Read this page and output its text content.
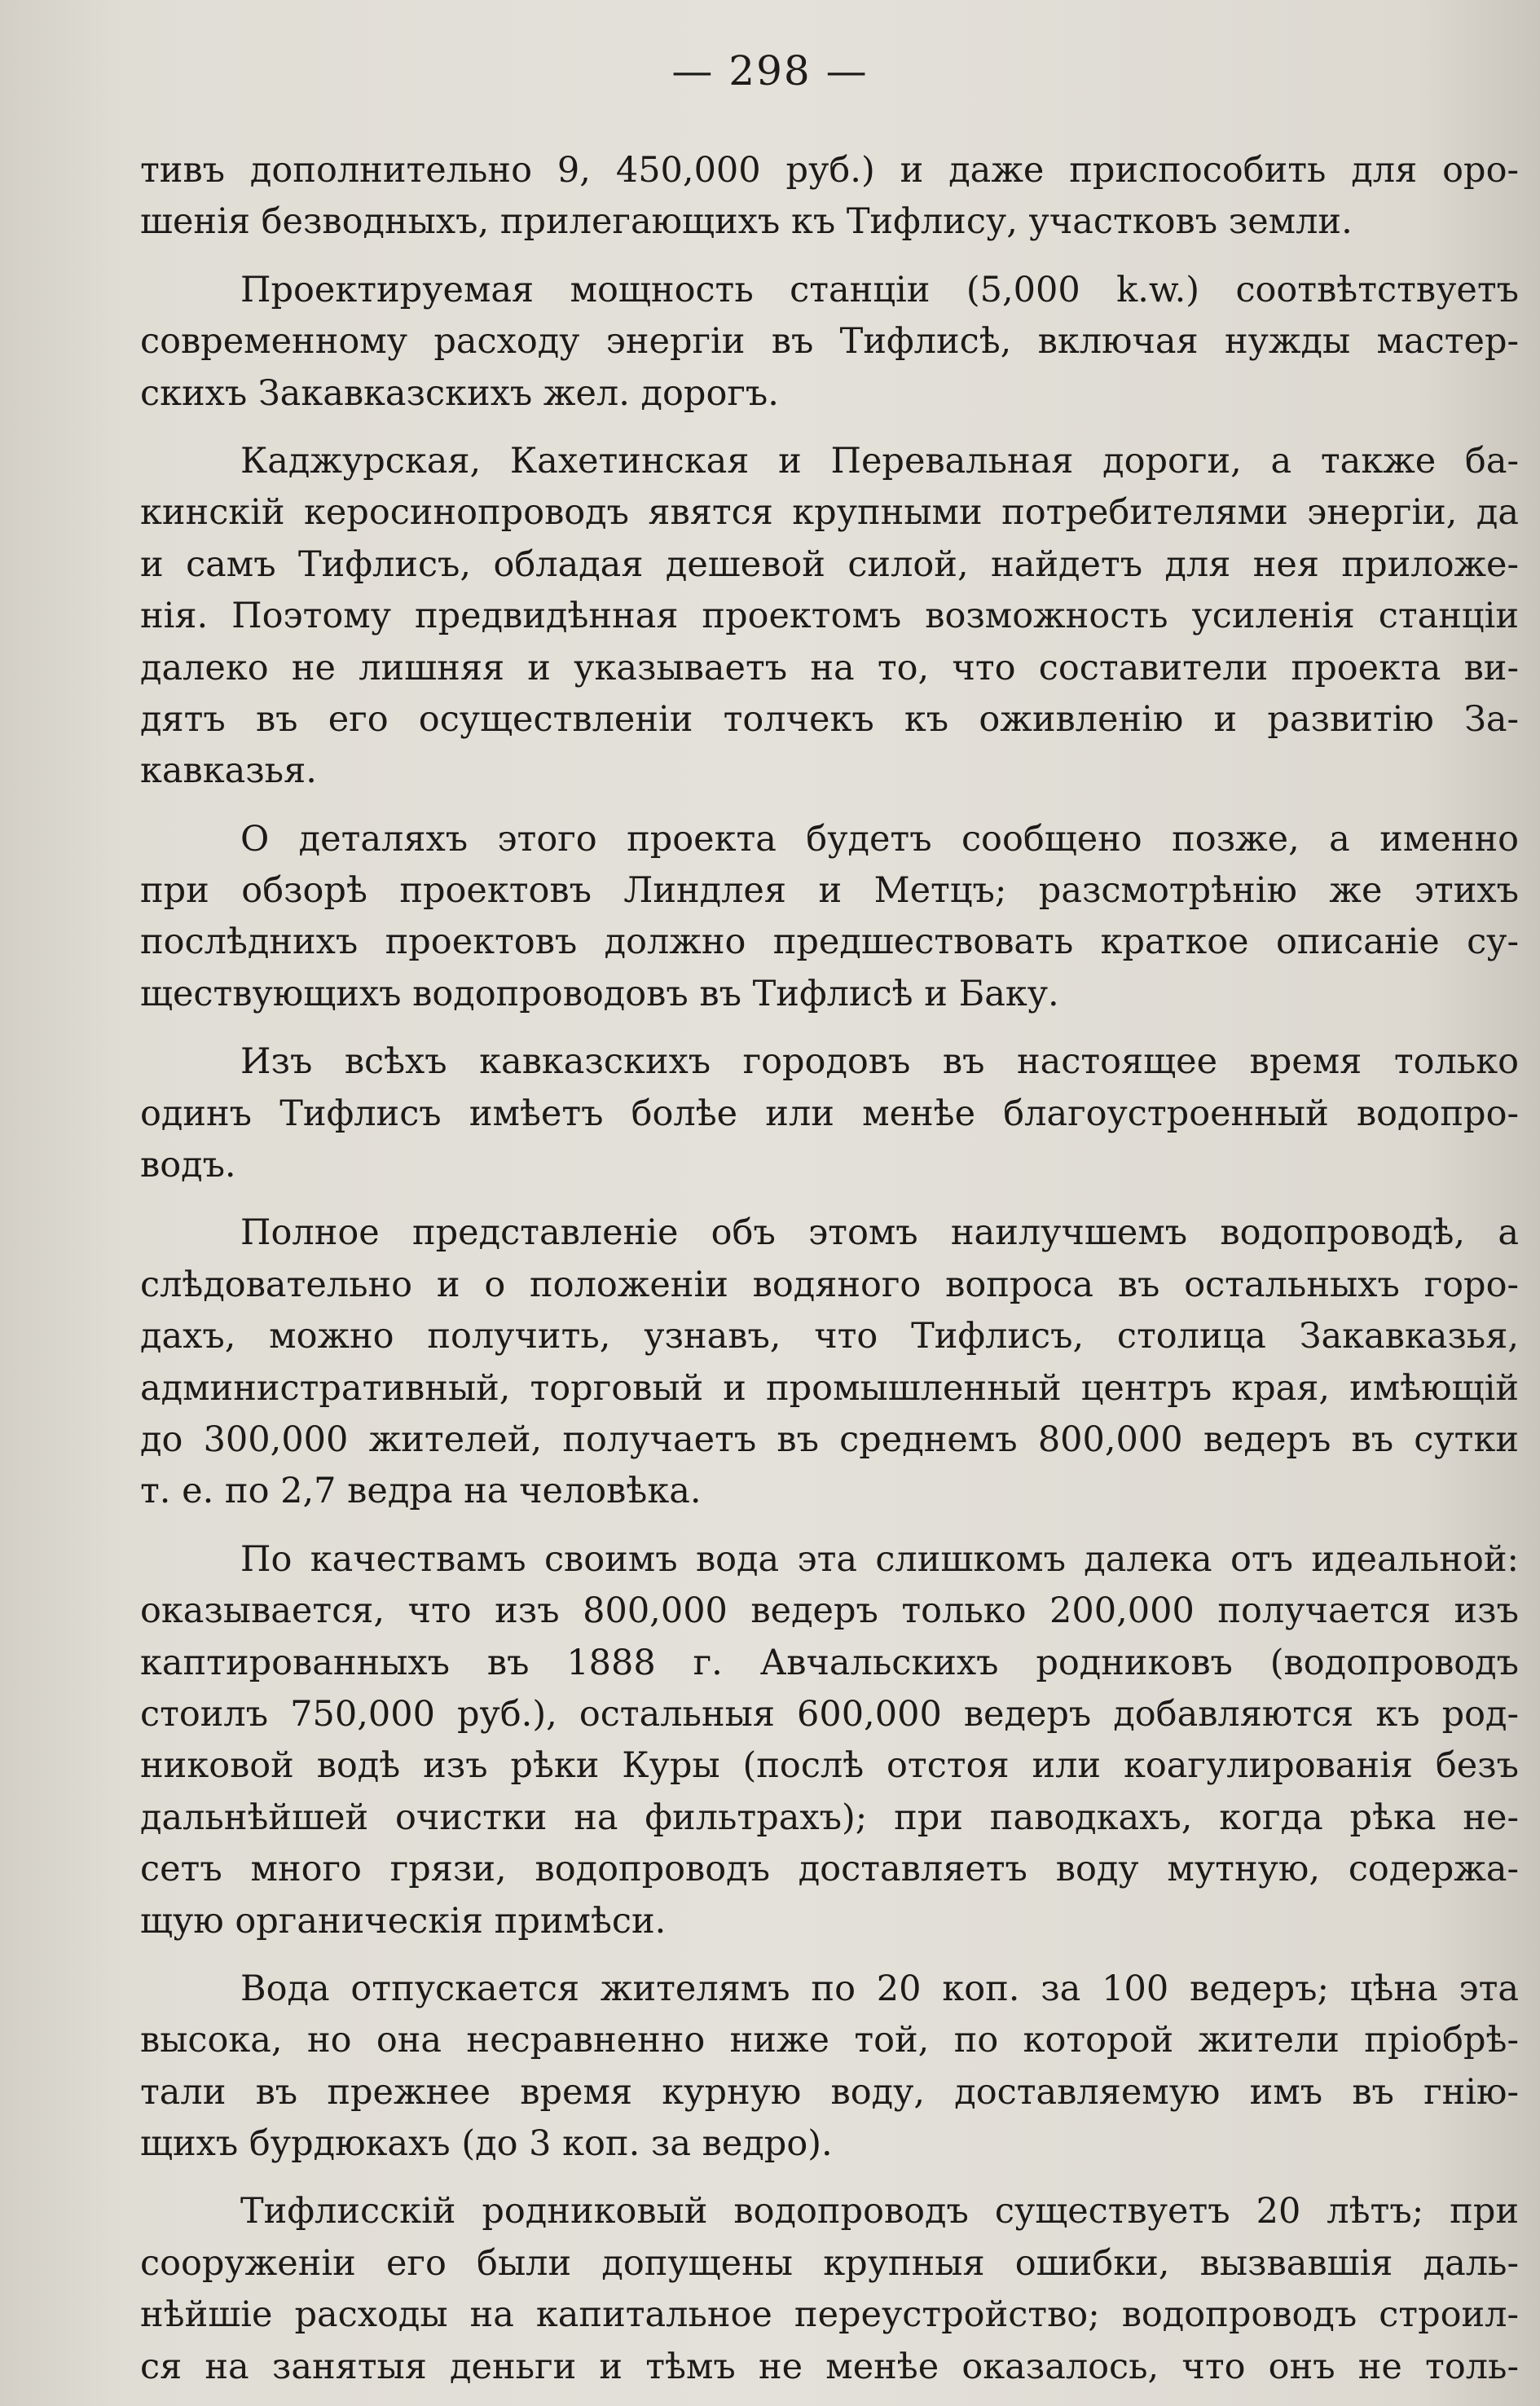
— 298 —
тивъ дополнительно 9, 450,000 руб.) и даже приспособить для оро-
шенія безводныхъ, прилегающихъ къ Тифлису, участковъ земли.
Проектируемая мощность станціи (5,000 k.w.) соотвѣтствуетъ
современному расходу энергіи въ Тифлисѣ, включая нужды мастер-
скихъ Закавказскихъ жел. дорогъ.
Каджурская, Кахетинская и Перевальная дороги, а также ба-
кинскій керосинопроводъ явятся крупными потребителями энергіи, да
и самъ Тифлисъ, обладая дешевой силой, найдетъ для нея приложе-
нія. Поэтому предвидѣнная проектомъ возможность усиленія станціи
далеко не лишняя и указываетъ на то, что составители проекта ви-
дятъ въ его осуществленіи толчекъ къ оживленію и развитію За-
кавказья.
О деталяхъ этого проекта будетъ сообщено позже, а именно
при обзорѣ проектовъ Линдлея и Метцъ; разсмотрѣнію же этихъ
послѣднихъ проектовъ должно предшествовать краткое описаніе су-
ществующихъ водопроводовъ въ Тифлисѣ и Баку.
Изъ всѣхъ кавказскихъ городовъ въ настоящее время только
одинъ Тифлисъ имѣетъ болѣе или менѣе благоустроенный водопро-
водъ.
Полное представленіе объ этомъ наилучшемъ водопроводѣ, а
слѣдовательно и о положеніи водяного вопроса въ остальныхъ горо-
дахъ, можно получить, узнавъ, что Тифлисъ, столица Закавказья,
административный, торговый и промышленный центръ края, имѣющій
до 300,000 жителей, получаетъ въ среднемъ 800,000 ведеръ въ сутки
т. е. по 2,7 ведра на человѣка.
По качествамъ своимъ вода эта слишкомъ далека отъ идеальной:
оказывается, что изъ 800,000 ведеръ только 200,000 получается изъ
каптированныхъ въ 1888 г. Авчальскихъ родниковъ (водопроводъ
стоилъ 750,000 руб.), остальныя 600,000 ведеръ добавляются къ род-
никовой водѣ изъ рѣки Куры (послѣ отстоя или коагулированія безъ
дальнѣйшей очистки на фильтрахъ); при паводкахъ, когда рѣка не-
сетъ много грязи, водопроводъ доставляетъ воду мутную, содержа-
щую органическія примѣси.
Вода отпускается жителямъ по 20 коп. за 100 ведеръ; цѣна эта
высока, но она несравненно ниже той, по которой жители пріобрѣ-
тали въ прежнее время курную воду, доставляемую имъ въ гнію-
щихъ бурдюкахъ (до 3 коп. за ведро).
Тифлисскій родниковый водопроводъ существуетъ 20 лѣтъ; при
сооруженіи его были допущены крупныя ошибки, вызвавшія даль-
нѣйшіе расходы на капитальное переустройство; водопроводъ строил-
ся на занятыя деньги и тѣмъ не менѣе оказалось, что онъ не толь-
